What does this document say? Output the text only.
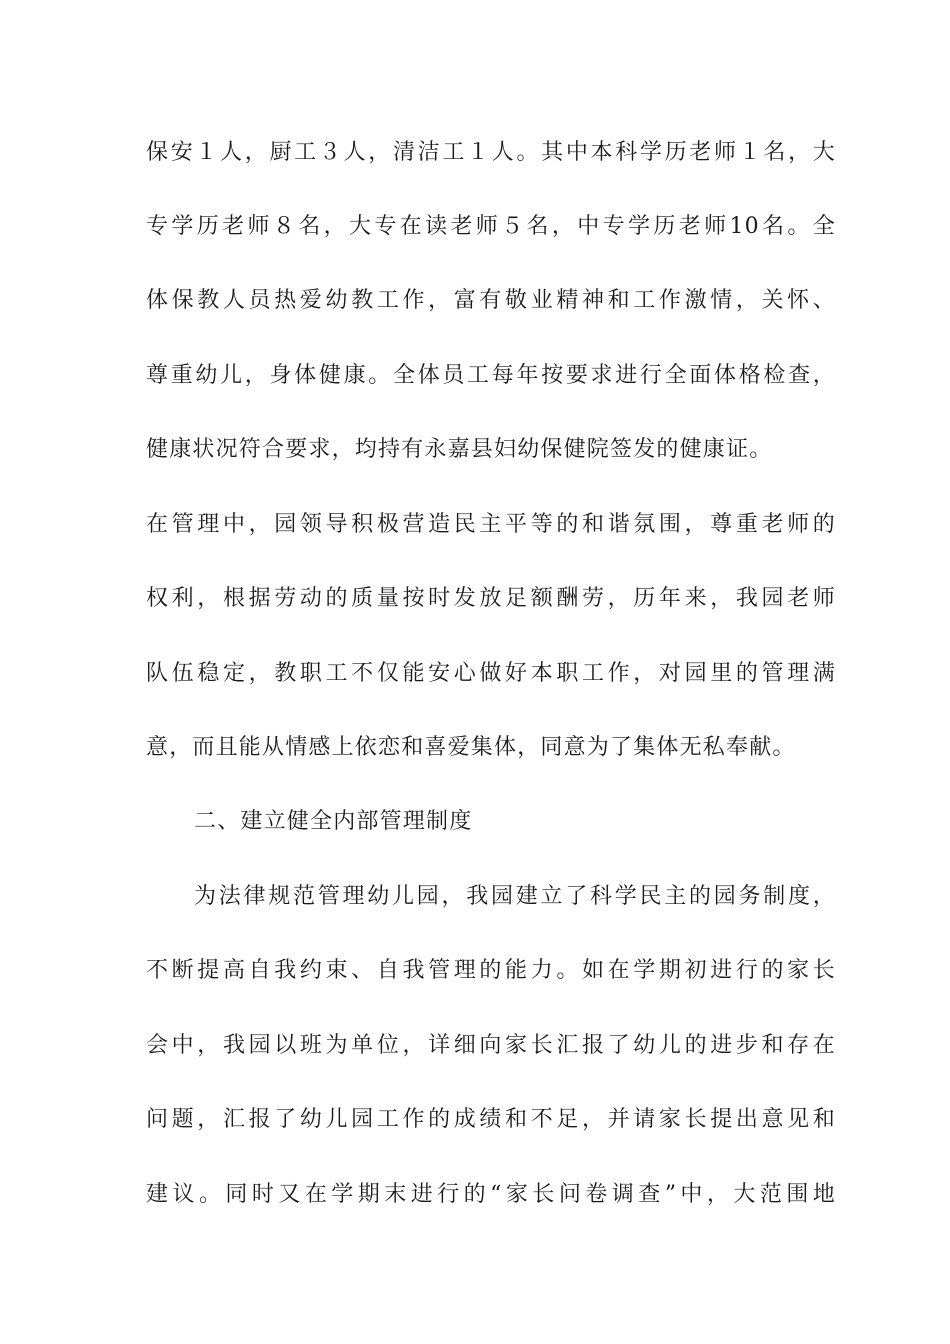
保安１人，厨工３人，清洁工１人。其中本科学历老师１名，大
专学历老师８名，大专在读老师５名，中专学历老师10名。全
体保教人员热爱幼教工作，富有敬业精神和工作激情，关怀、
尊重幼儿，身体健康。全体员工每年按要求进行全面体格检查，
健康状况符合要求，均持有永嘉县妇幼保健院签发的健康证。
在管理中，园领导积极营造民主平等的和谐氛围，尊重老师的
权利，根据劳动的质量按时发放足额酬劳，历年来，我园老师
队伍稳定，教职工不仅能安心做好本职工作，对园里的管理满
意，而且能从情感上依恋和喜爱集体，同意为了集体无私奉献。
二、建立健全内部管理制度
为法律规范管理幼儿园，我园建立了科学民主的园务制度，
不断提高自我约束、自我管理的能力。如在学期初进行的家长
会中，我园以班为单位，详细向家长汇报了幼儿的进步和存在
问题，汇报了幼儿园工作的成绩和不足，并请家长提出意见和
建议。同时又在学期末进行的“家长问卷调查”中，大范围地
